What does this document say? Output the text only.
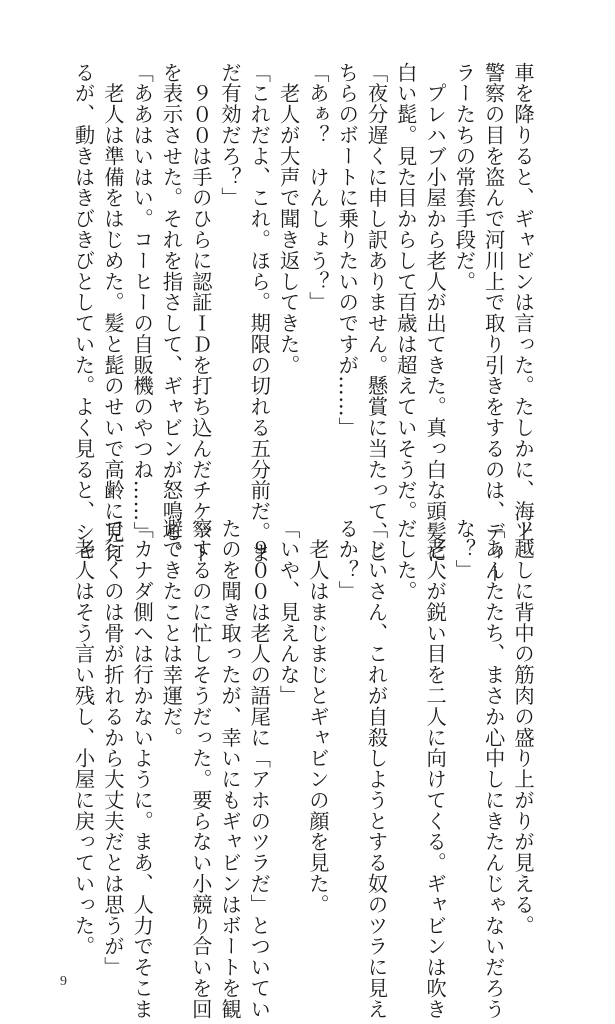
車を降りると、ギャビンは言った。たしかに、海上
警察の目を盗んで河川上で取り引きをするのは、ディー
ラーたちの常套手段だ。
　プレハブ小屋から老人が出てきた。真っ白な頭髪に、
白い髭。見た目からして百歳は超えていそうだ。
「夜分遅くに申し訳ありません。懸賞に当たって、こ
ちらのボートに乗りたいのですが……」
「あぁ？　けんしょう？」
　老人が大声で聞き返してきた。
「これだよ、これ。ほら。期限の切れる五分前だ。ま
だ有効だろ？」
　９００は手のひらに認証ＩＤを打ち込んだチケット
を表示させた。それを指さして、ギャビンが怒鳴る。
「ああはいはい。コーヒーの自販機のやつね……」
　老人は準備をはじめた。髪と髭のせいで高齢に見え
るが、動きはきびきびとしていた。よく見ると、シャ
ツ越しに背中の筋肉の盛り上がりが見える。
「あんたたち、まさか心中しにきたんじゃないだろう
な？」
　老人が鋭い目を二人に向けてくる。ギャビンは吹き
だした。
「じいさん、これが自殺しようとする奴のツラに見え
るか？」
　老人はまじまじとギャビンの顔を見た。
「いや、見えんな」
　９００は老人の語尾に「アホのツラだ」とついてい
たのを聞き取ったが、幸いにもギャビンはボートを観
察するのに忙しそうだった。要らない小競り合いを回
避できたことは幸運だ。
「カナダ側へは行かないように。まあ、人力でそこま
で行くのは骨が折れるから大丈夫だとは思うが」
　老人はそう言い残し、小屋に戻っていった。
9
